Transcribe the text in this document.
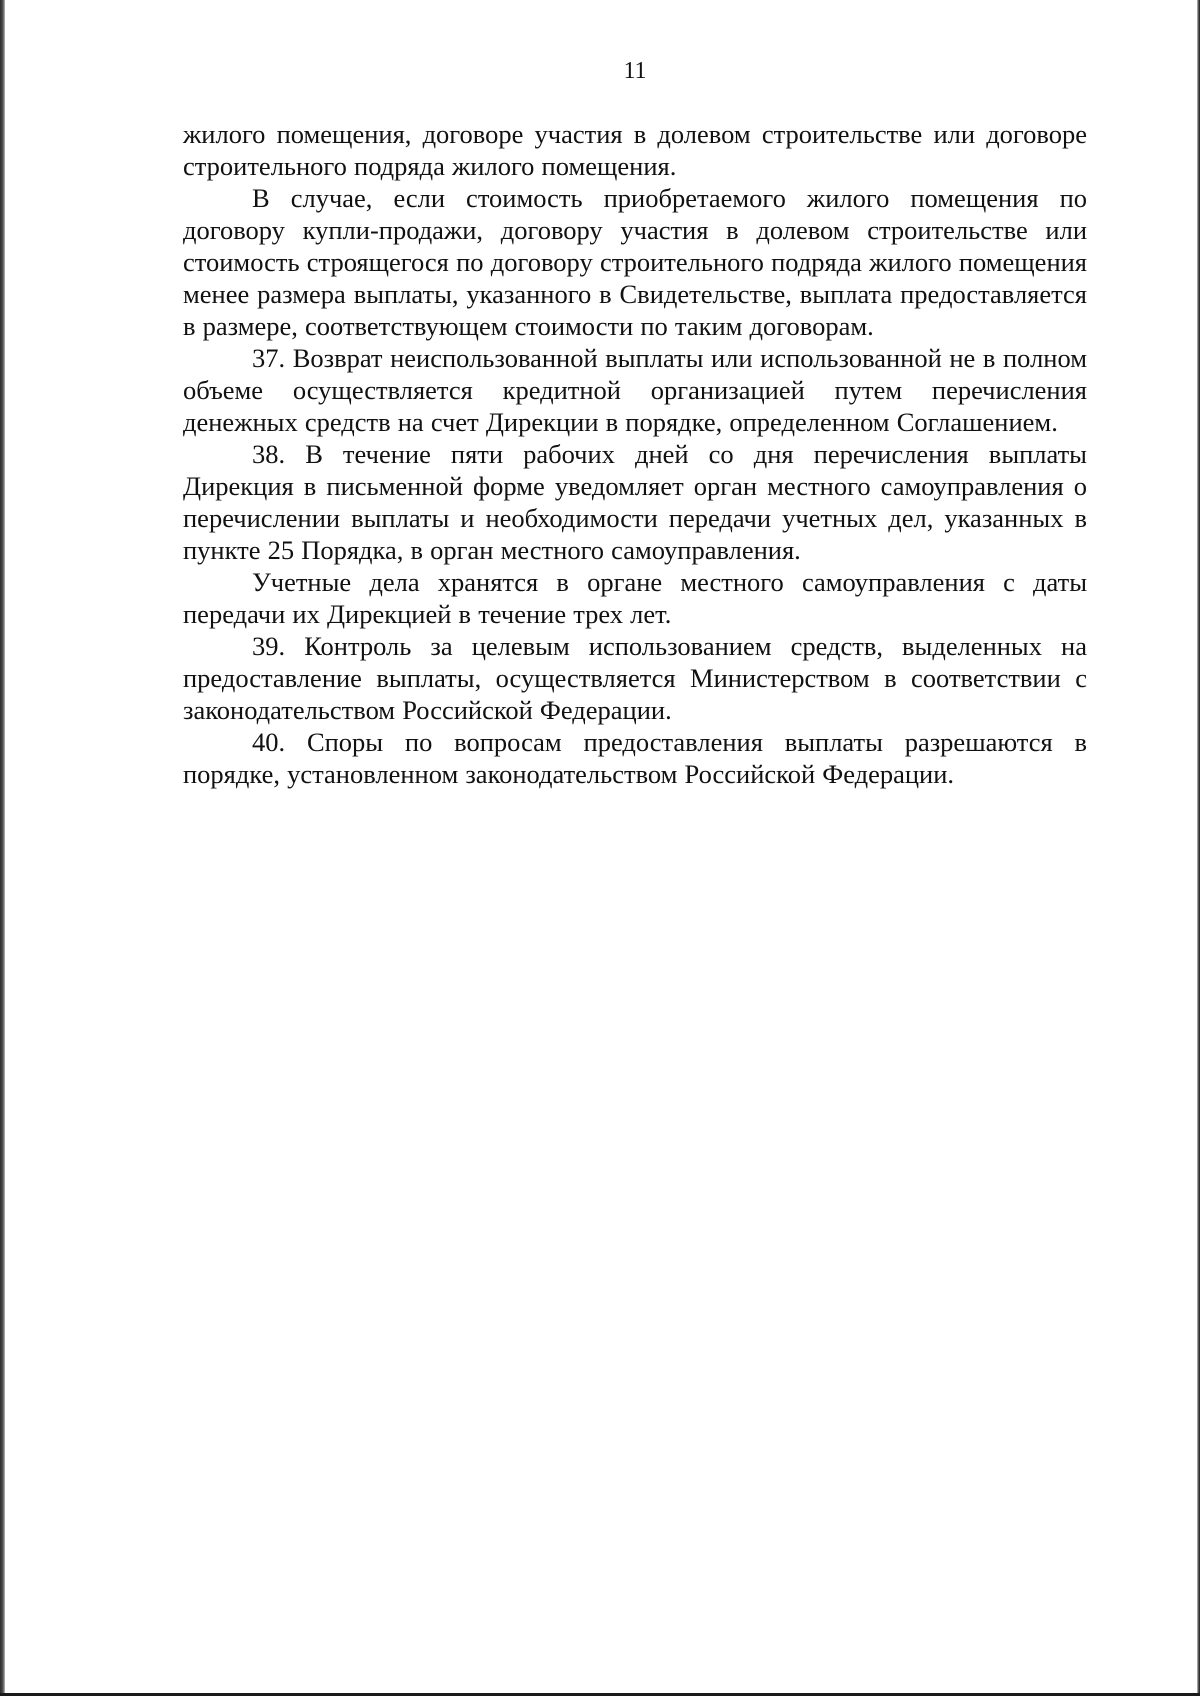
11

жилого помещения, договоре участия в долевом строительстве или договоре строительного подряда жилого помещения.

В случае, если стоимость приобретаемого жилого помещения по договору купли-продажи, договору участия в долевом строительстве или стоимость строящегося по договору строительного подряда жилого помещения менее размера выплаты, указанного в Свидетельстве, выплата предоставляется в размере, соответствующем стоимости по таким договорам.

37. Возврат неиспользованной выплаты или использованной не в полном объеме осуществляется кредитной организацией путем перечисления денежных средств на счет Дирекции в порядке, определенном Соглашением.

38. В течение пяти рабочих дней со дня перечисления выплаты Дирекция в письменной форме уведомляет орган местного самоуправления о перечислении выплаты и необходимости передачи учетных дел, указанных в пункте 25 Порядка, в орган местного самоуправления.

Учетные дела хранятся в органе местного самоуправления с даты передачи их Дирекцией в течение трех лет.

39. Контроль за целевым использованием средств, выделенных на предоставление выплаты, осуществляется Министерством в соответствии с законодательством Российской Федерации.

40. Споры по вопросам предоставления выплаты разрешаются в порядке, установленном законодательством Российской Федерации.
